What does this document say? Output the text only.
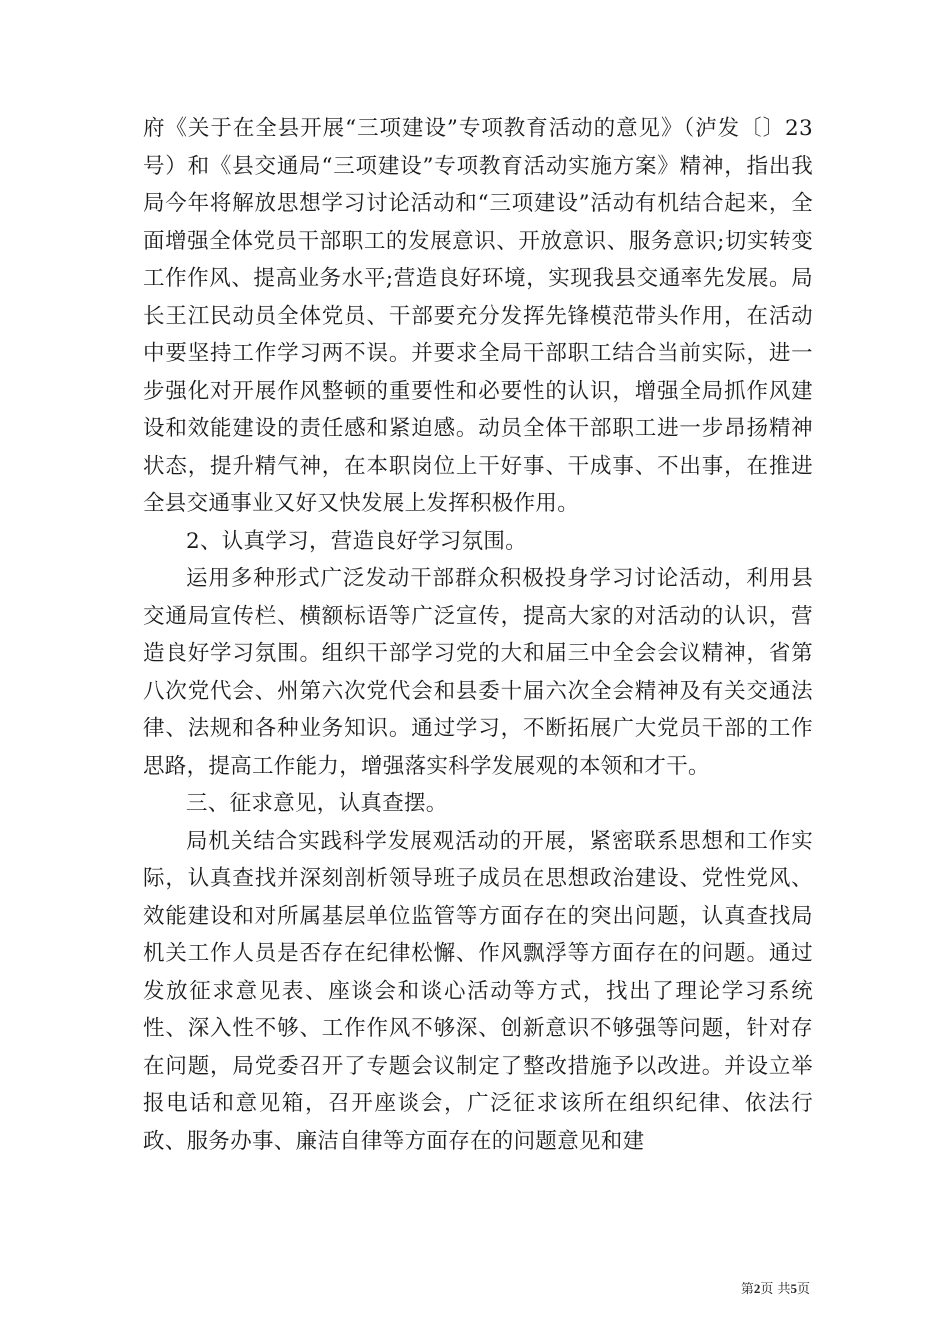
府《关于在全县开展“三项建设”专项教育活动的意见》（泸发〔〕23号）和《县交通局“三项建设”专项教育活动实施方案》精神，指出我局今年将解放思想学习讨论活动和“三项建设”活动有机结合起来，全面增强全体党员干部职工的发展意识、开放意识、服务意识;切实转变工作作风、提高业务水平;营造良好环境，实现我县交通率先发展。局长王江民动员全体党员、干部要充分发挥先锋模范带头作用，在活动中要坚持工作学习两不误。并要求全局干部职工结合当前实际，进一步强化对开展作风整顿的重要性和必要性的认识，增强全局抓作风建设和效能建设的责任感和紧迫感。动员全体干部职工进一步昂扬精神状态，提升精气神，在本职岗位上干好事、干成事、不出事，在推进全县交通事业又好又快发展上发挥积极作用。

2、认真学习，营造良好学习氛围。

运用多种形式广泛发动干部群众积极投身学习讨论活动，利用县交通局宣传栏、横额标语等广泛宣传，提高大家的对活动的认识，营造良好学习氛围。组织干部学习党的大和届三中全会会议精神，省第八次党代会、州第六次党代会和县委十届六次全会精神及有关交通法律、法规和各种业务知识。通过学习，不断拓展广大党员干部的工作思路，提高工作能力，增强落实科学发展观的本领和才干。

三、征求意见，认真查摆。

局机关结合实践科学发展观活动的开展，紧密联系思想和工作实际，认真查找并深刻剖析领导班子成员在思想政治建设、党性党风、效能建设和对所属基层单位监管等方面存在的突出问题，认真查找局机关工作人员是否存在纪律松懈、作风飘浮等方面存在的问题。通过发放征求意见表、座谈会和谈心活动等方式，找出了理论学习系统性、深入性不够、工作作风不够深、创新意识不够强等问题，针对存在问题，局党委召开了专题会议制定了整改措施予以改进。并设立举报电话和意见箱，召开座谈会，广泛征求该所在组织纪律、依法行政、服务办事、廉洁自律等方面存在的问题意见和建

第2页 共5页
